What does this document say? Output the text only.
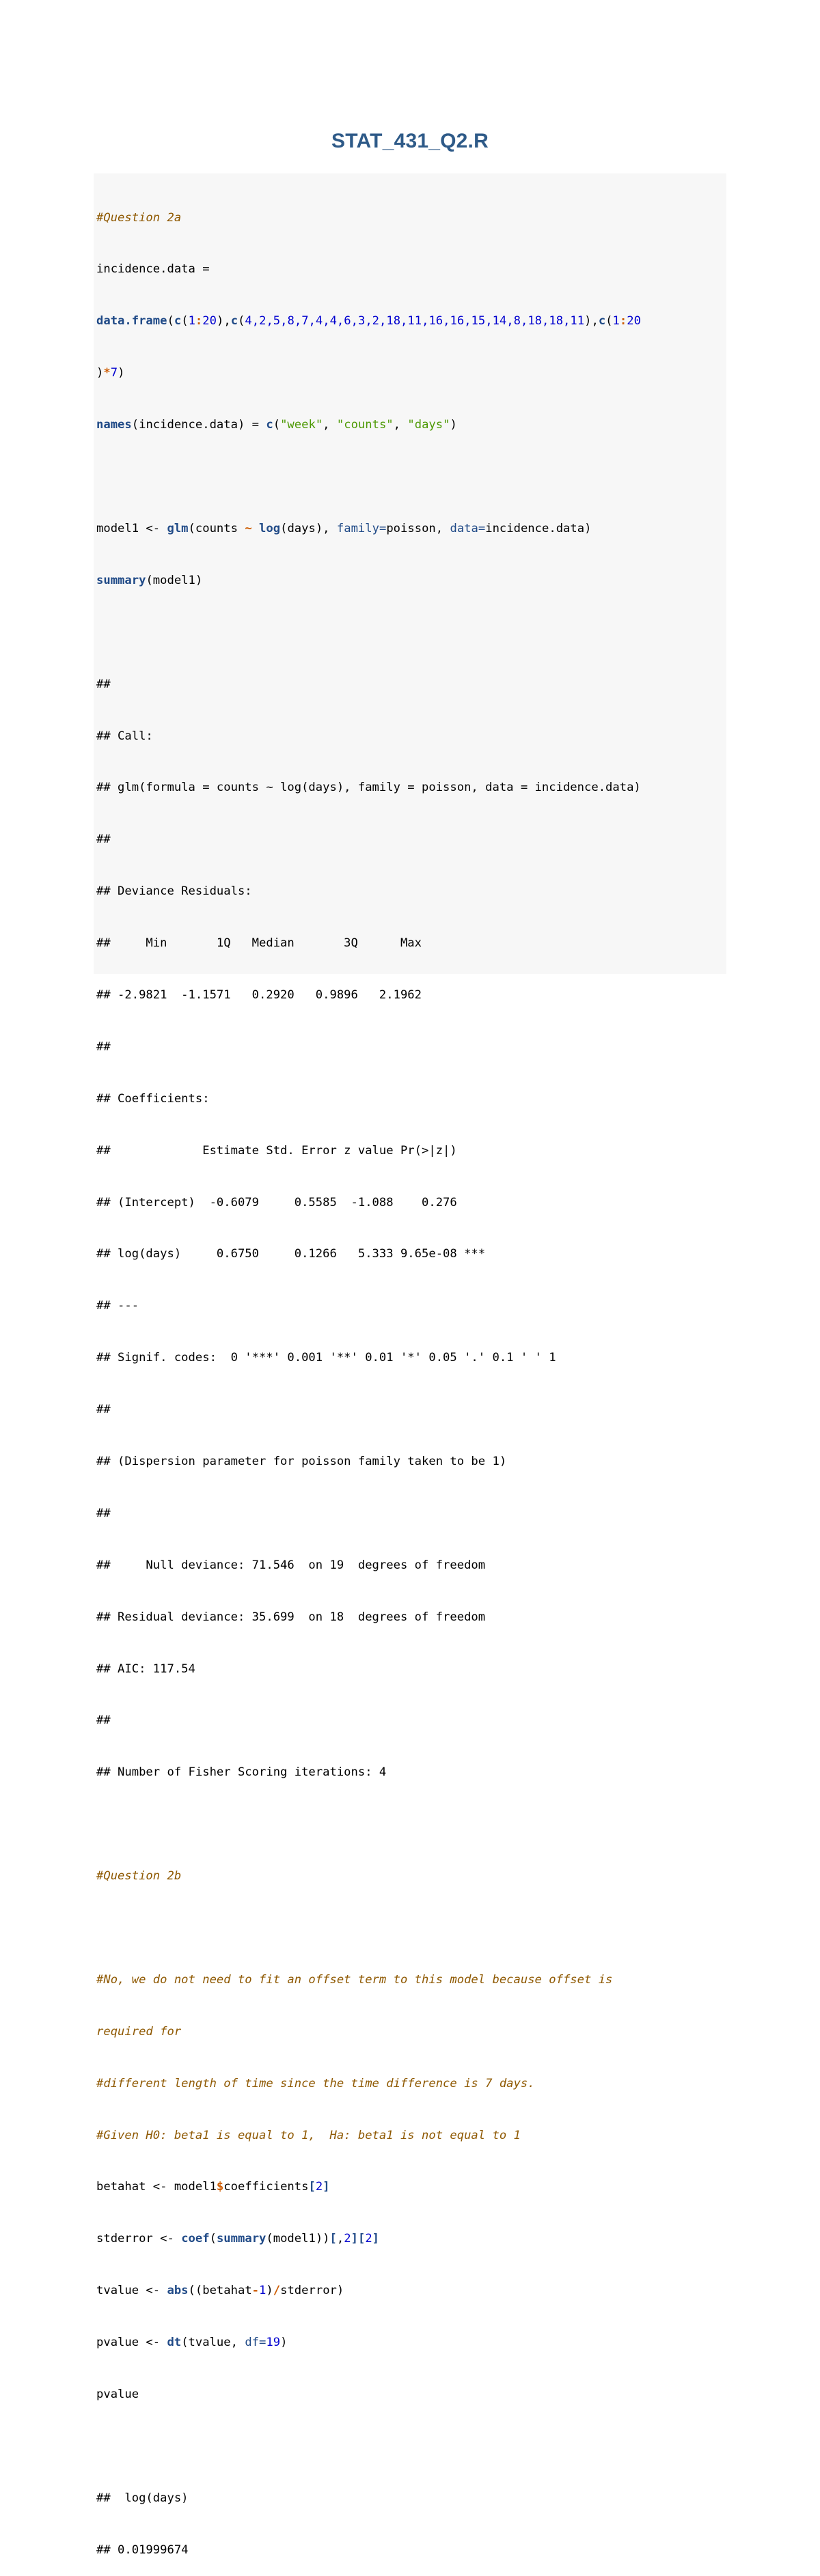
STAT_431_Q2.R

#Question 2a

incidence.data =

data.frame(c(1:20),c(4,2,5,8,7,4,4,6,3,2,18,11,16,16,15,14,8,18,18,11),c(1:20

)*7)

names(incidence.data) = c("week", "counts", "days")

model1 <- glm(counts ~ log(days), family=poisson, data=incidence.data)

summary(model1)

##

## Call:

## glm(formula = counts ~ log(days), family = poisson, data = incidence.data)

##

## Deviance Residuals:

##     Min       1Q   Median       3Q      Max

## -2.9821  -1.1571   0.2920   0.9896   2.1962

##

## Coefficients:

##             Estimate Std. Error z value Pr(>|z|)

## (Intercept)  -0.6079     0.5585  -1.088    0.276

## log(days)     0.6750     0.1266   5.333 9.65e-08 ***

## ---

## Signif. codes:  0 '***' 0.001 '**' 0.01 '*' 0.05 '.' 0.1 ' ' 1

##

## (Dispersion parameter for poisson family taken to be 1)

##

##     Null deviance: 71.546  on 19  degrees of freedom

## Residual deviance: 35.699  on 18  degrees of freedom

## AIC: 117.54

##

## Number of Fisher Scoring iterations: 4

#Question 2b

#No, we do not need to fit an offset term to this model because offset is

required for

#different length of time since the time difference is 7 days.

#Given H0: beta1 is equal to 1,  Ha: beta1 is not equal to 1

betahat <- model1$coefficients[2]

stderror <- coef(summary(model1))[,2][2]

tvalue <- abs((betahat-1)/stderror)

pvalue <- dt(tvalue, df=19)

pvalue

##  log(days)

## 0.01999674
